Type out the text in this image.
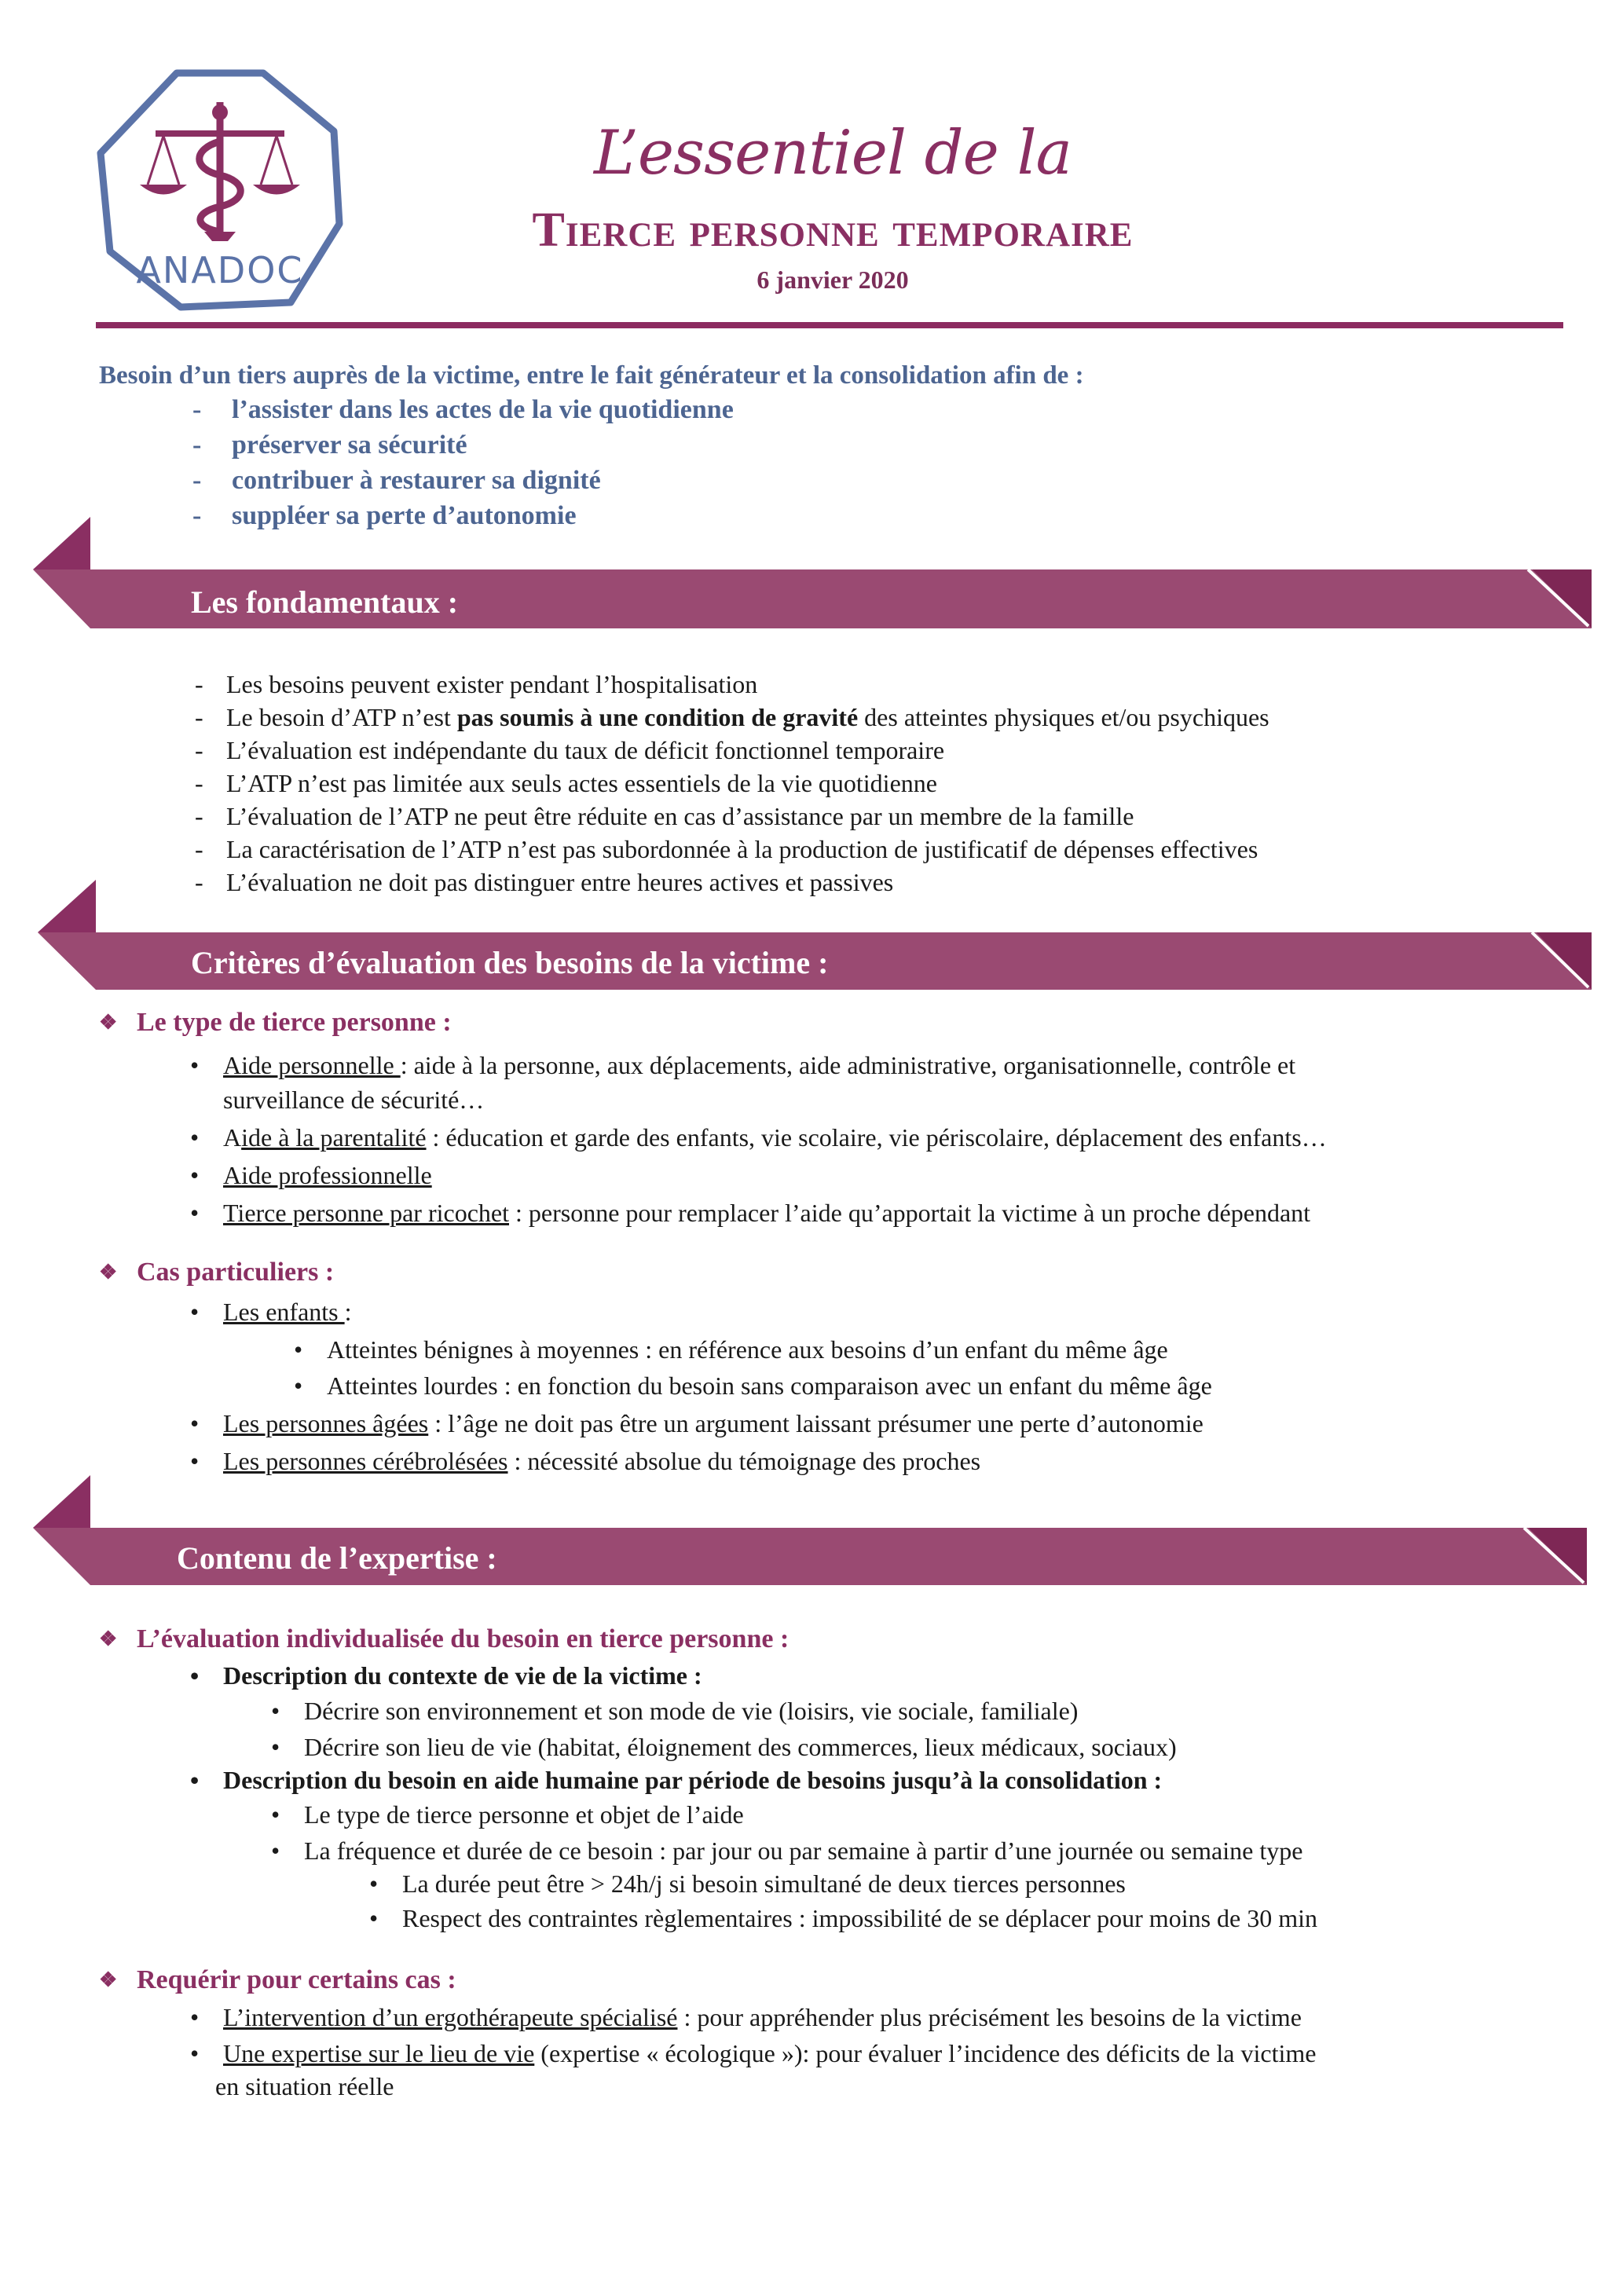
ANADOC
L’essentiel de la
Tierce personne temporaire
6 janvier 2020
Besoin d’un tiers auprès de la victime, entre le fait générateur et la consolidation afin de :
- l’assister dans les actes de la vie quotidienne
- préserver sa sécurité
- contribuer à restaurer sa dignité
- suppléer sa perte d’autonomie
Les fondamentaux :
- Les besoins peuvent exister pendant l’hospitalisation
- Le besoin d’ATP n’est pas soumis à une condition de gravité des atteintes physiques et/ou psychiques
- L’évaluation est indépendante du taux de déficit fonctionnel temporaire
- L’ATP n’est pas limitée aux seuls actes essentiels de la vie quotidienne
- L’évaluation de l’ATP ne peut être réduite en cas d’assistance par un membre de la famille
- La caractérisation de l’ATP n’est pas subordonnée à la production de justificatif de dépenses effectives
- L’évaluation ne doit pas distinguer entre heures actives et passives
Critères d’évaluation des besoins de la victime :
❖ Le type de tierce personne :
• Aide personnelle : aide à la personne, aux déplacements, aide administrative, organisationnelle, contrôle et
surveillance de sécurité…
• Aide à la parentalité : éducation et garde des enfants, vie scolaire, vie périscolaire, déplacement des enfants…
• Aide professionnelle
• Tierce personne par ricochet : personne pour remplacer l’aide qu’apportait la victime à un proche dépendant
❖ Cas particuliers :
• Les enfants :
• Atteintes bénignes à moyennes : en référence aux besoins d’un enfant du même âge
• Atteintes lourdes : en fonction du besoin sans comparaison avec un enfant du même âge
• Les personnes âgées : l’âge ne doit pas être un argument laissant présumer une perte d’autonomie
• Les personnes cérébrolésées : nécessité absolue du témoignage des proches
Contenu de l’expertise :
❖ L’évaluation individualisée du besoin en tierce personne :
• Description du contexte de vie de la victime :
• Décrire son environnement et son mode de vie (loisirs, vie sociale, familiale)
• Décrire son lieu de vie (habitat, éloignement des commerces, lieux médicaux, sociaux)
• Description du besoin en aide humaine par période de besoins jusqu’à la consolidation :
• Le type de tierce personne et objet de l’aide
• La fréquence et durée de ce besoin : par jour ou par semaine à partir d’une journée ou semaine type
• La durée peut être > 24h/j si besoin simultané de deux tierces personnes
• Respect des contraintes règlementaires : impossibilité de se déplacer pour moins de 30 min
❖ Requérir pour certains cas :
• L’intervention d’un ergothérapeute spécialisé : pour appréhender plus précisément les besoins de la victime
• Une expertise sur le lieu de vie (expertise « écologique »): pour évaluer l’incidence des déficits de la victime
en situation réelle
